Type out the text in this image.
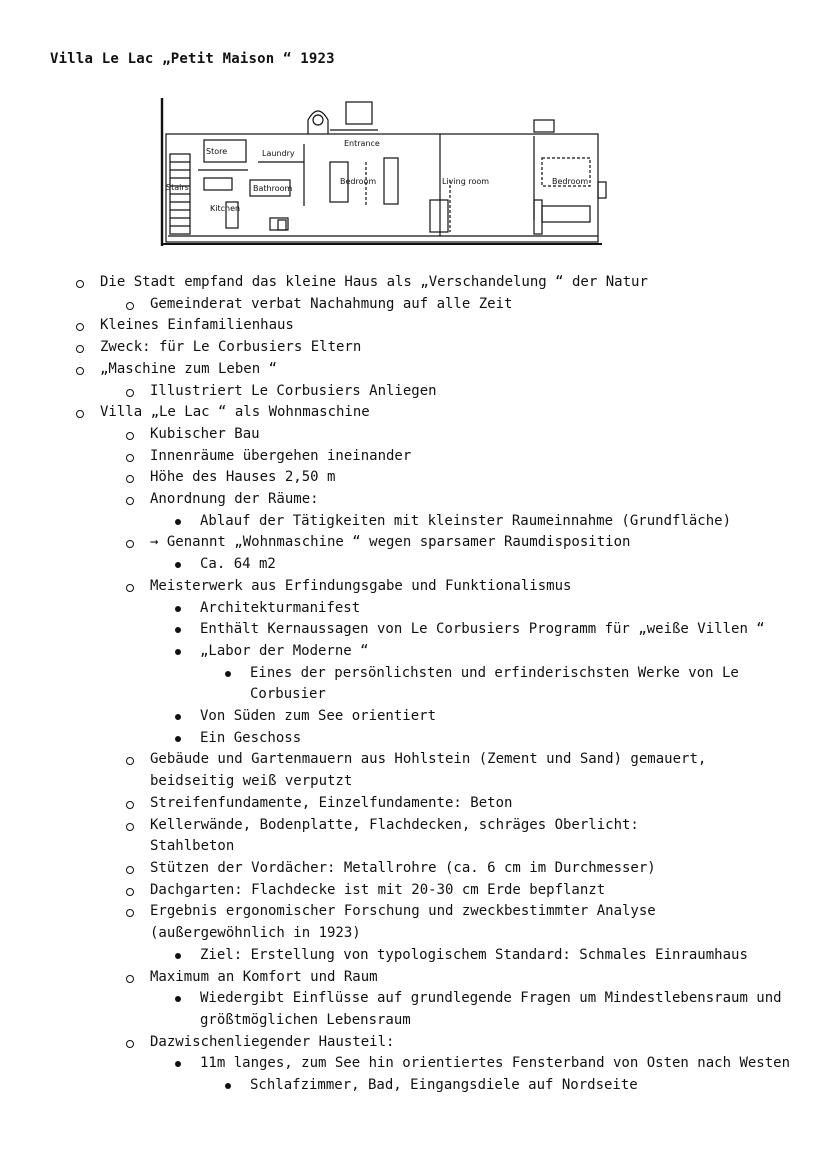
Villa Le Lac „Petit Maison “ 1923
Store	Laundry
Entrance
Stairs	Bathroom
Bedroom	Living room	Bedroom
Kitchen
Die Stadt empfand das kleine Haus als „Verschandelung “ der Natur
Gemeinderat verbat Nachahmung auf alle Zeit
Kleines Einfamilienhaus
Zweck: für Le Corbusiers Eltern
„Maschine zum Leben “
Illustriert Le Corbusiers Anliegen
Villa „Le Lac “ als Wohnmaschine
Kubischer Bau
Innenräume übergehen ineinander
Höhe des Hauses 2,50 m
Anordnung der Räume:
Ablauf der Tätigkeiten mit kleinster Raumeinnahme (Grundfläche)
→ Genannt „Wohnmaschine “ wegen sparsamer Raumdisposition
Ca. 64 m2
Meisterwerk aus Erfindungsgabe und Funktionalismus
Architekturmanifest
Enthält Kernaussagen von Le Corbusiers Programm für „weiße Villen “
„Labor der Moderne “
Eines der persönlichsten und erfinderischsten Werke von Le Corbusier
Von Süden zum See orientiert
Ein Geschoss
Gebäude und Gartenmauern aus Hohlstein (Zement und Sand) gemauert, beidseitig weiß verputzt
Streifenfundamente, Einzelfundamente: Beton
Kellerwände, Bodenplatte, Flachdecken, schräges Oberlicht: Stahlbeton
Stützen der Vordächer: Metallrohre (ca. 6 cm im Durchmesser)
Dachgarten: Flachdecke ist mit 20-30 cm Erde bepflanzt
Ergebnis ergonomischer Forschung und zweckbestimmter Analyse (außergewöhnlich in 1923)
Ziel: Erstellung von typologischem Standard: Schmales Einraumhaus
Maximum an Komfort und Raum
Wiedergibt Einflüsse auf grundlegende Fragen um Mindestlebensraum und größtmöglichen Lebensraum
Dazwischenliegender Hausteil:
11m langes, zum See hin orientiertes Fensterband von Osten nach Westen
Schlafzimmer, Bad, Eingangsdiele auf Nordseite
